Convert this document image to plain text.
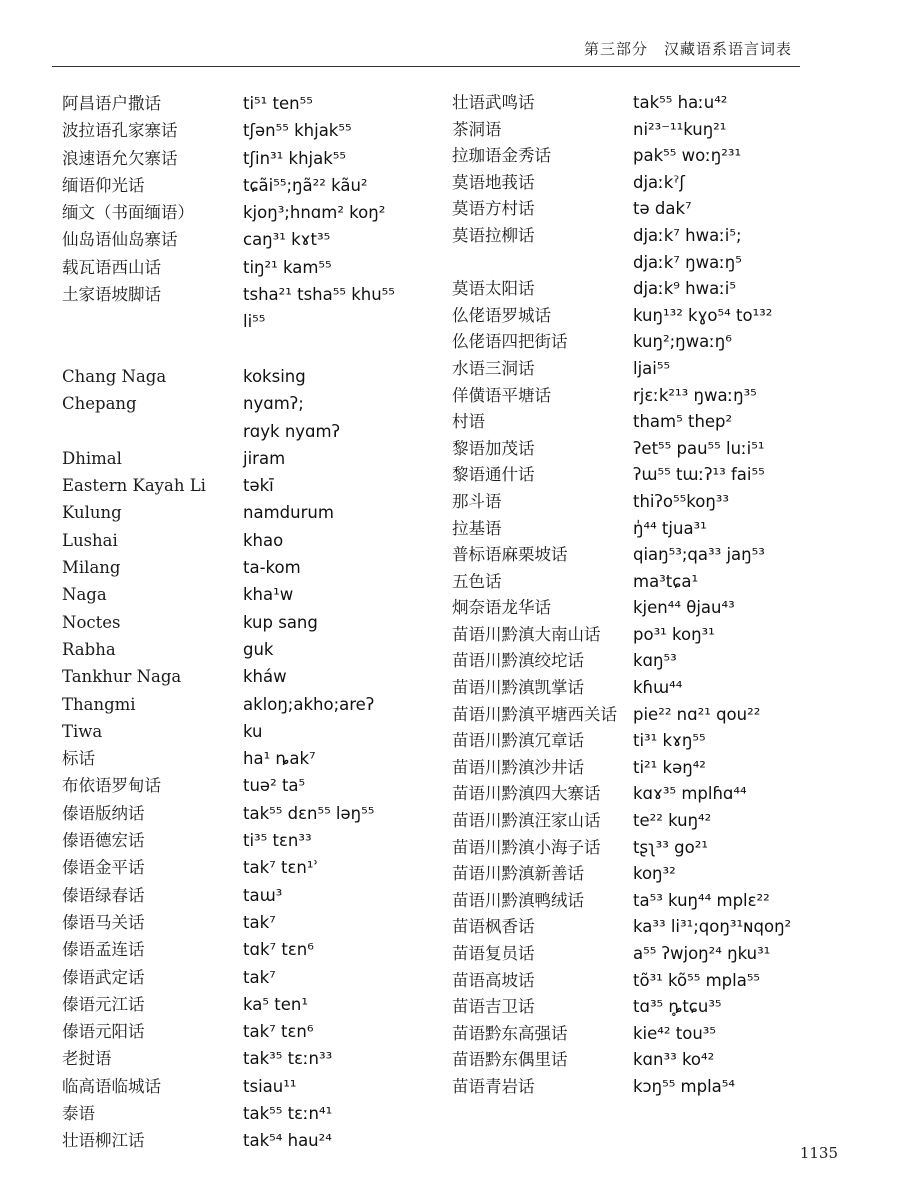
第三部分　汉藏语系语言词表
阿昌语户撒话
波拉语孔家寨话
浪速语允欠寨话
缅语仰光话
缅文（书面缅语）
仙岛语仙岛寨话
载瓦语西山话
土家语坡脚话
Chang Naga
Chepang
Dhimal
Eastern Kayah Li
Kulung
Lushai
Milang
Naga
Noctes
Rabha
Tankhur Naga
Thangmi
Tiwa
标话
布依语罗甸话
傣语版纳话
傣语德宏话
傣语金平话
傣语绿春话
傣语马关话
傣语孟连话
傣语武定话
傣语元江话
傣语元阳话
老挝语
临高语临城话
泰语
壮语柳江话
ti⁵¹ ten⁵⁵
tʃən⁵⁵ khjak⁵⁵
tʃin³¹ khjak⁵⁵
tɕãi⁵⁵;ŋã²² kãu²
kjoŋ³;hnɑm² koŋ²
caŋ³¹ kɤt³⁵
tiŋ²¹ kam⁵⁵
tsha²¹ tsha⁵⁵ khu⁵⁵
li⁵⁵
koksing
nyɑmʔ;
rɑyk nyɑmʔ
jiram
təkī
namdurum
khao
ta-kom
kha¹w
kup sang
guk
kháw
akloŋ;akho;areʔ
ku
ha¹ ȵak⁷
tuə² ta⁵
tak⁵⁵ dɛn⁵⁵ ləŋ⁵⁵
ti³⁵ tɛn³³
tak⁷ tɛn¹ʾ
taɯ³
tak⁷
tɑk⁷ tɛn⁶
tak⁷
ka⁵ ten¹
tak⁷ tɛn⁶
tak³⁵ tɛːn³³
tsiau¹¹
tak⁵⁵ tɛːn⁴¹
tak⁵⁴ hau²⁴
壮语武鸣话
茶洞语
拉珈语金秀话
莫语地莪话
莫语方村话
莫语拉柳话
莫语太阳话
仫佬语罗城话
仫佬语四把街话
水语三洞话
佯僙语平塘话
村语
黎语加茂话
黎语通什话
那斗语
拉基语
普标语麻栗坡话
五色话
炯奈语龙华话
苗语川黔滇大南山话
苗语川黔滇绞坨话
苗语川黔滇凯掌话
苗语川黔滇平塘西关话
苗语川黔滇冗章话
苗语川黔滇沙井话
苗语川黔滇四大寨话
苗语川黔滇汪家山话
苗语川黔滇小海子话
苗语川黔滇新善话
苗语川黔滇鸭绒话
苗语枫香话
苗语复员话
苗语高坡话
苗语吉卫话
苗语黔东高强话
苗语黔东偶里话
苗语青岩话
tak⁵⁵ haːu⁴²
ni²³⁻¹¹kuŋ²¹
pak⁵⁵ woːŋ²³¹
djaːkˀʃ
tə dak⁷
djaːk⁷ hwaːi⁵;
djaːk⁷ ŋwaːŋ⁵
djaːk⁹ hwaːi⁵
kuŋ¹³² kɣo⁵⁴ to¹³²
kuŋ²;ŋwaːŋ⁶
ljai⁵⁵
rjɛːk²¹³ ŋwaːŋ³⁵
tham⁵ thep²
ʔet⁵⁵ pau⁵⁵ luːi⁵¹
ʔɯ⁵⁵ tɯːʔ¹³ fai⁵⁵
thiʔo⁵⁵koŋ³³
ŋ̍⁴⁴ tjua³¹
qiaŋ⁵³;qa³³ jaŋ⁵³
ma³tɕa¹
kjen⁴⁴ θjau⁴³
po³¹ koŋ³¹
kɑŋ⁵³
kɦɯ⁴⁴
pie²² nɑ²¹ qou²²
ti³¹ kɤŋ⁵⁵
ti²¹ kəŋ⁴²
kɑɤ³⁵ mplɦɑ⁴⁴
te²² kuŋ⁴²
tʂʅ³³ go²¹
koŋ³²
ta⁵³ kuŋ⁴⁴ mplɛ²²
ka³³ li³¹;qoŋ³¹ɴqoŋ²
a⁵⁵ ʔwjoŋ²⁴ ŋku³¹
tõ³¹ kõ⁵⁵ mpla⁵⁵
tɑ³⁵ ȵ̥tɕu³⁵
kie⁴² tou³⁵
kɑn³³ ko⁴²
kɔŋ⁵⁵ mpla⁵⁴
1135
